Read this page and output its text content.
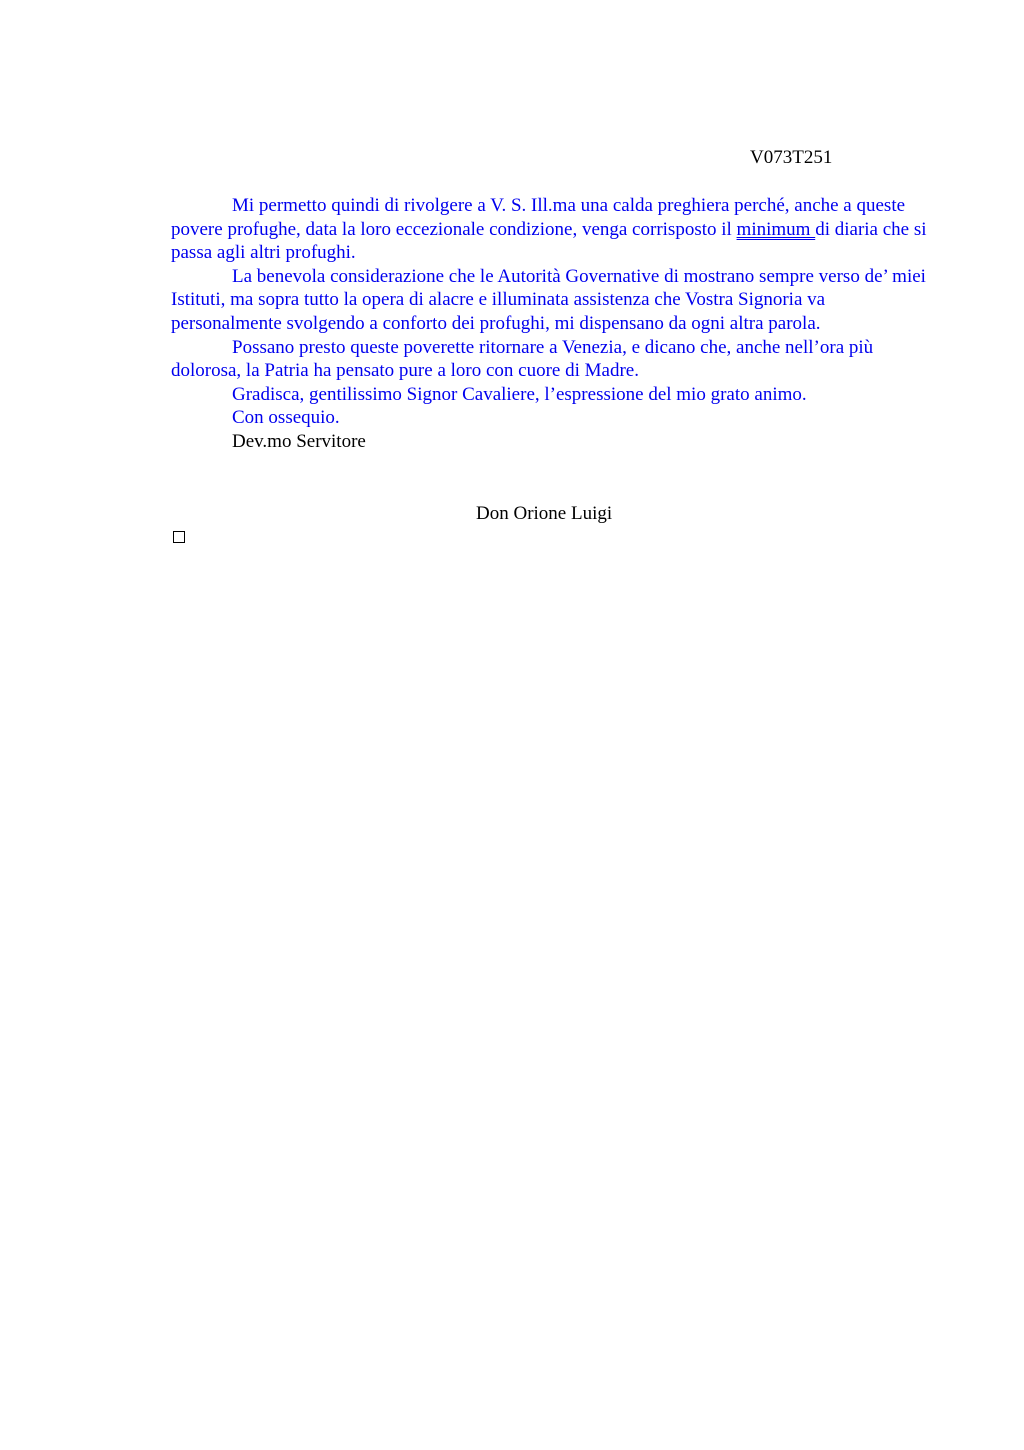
V073T251

Mi permetto quindi di rivolgere a V. S. Ill.ma una calda preghiera perché, anche a queste povere profughe, data la loro eccezionale condizione, venga corrisposto il minimum di diaria che si passa agli altri profughi.

La benevola considerazione che le Autorità Governative di mostrano sempre verso de’ miei Istituti, ma sopra tutto la opera di alacre e illuminata assistenza che Vostra Signoria va personalmente svolgendo a conforto dei profughi, mi dispensano da ogni altra parola.

Possano presto queste poverette ritornare a Venezia, e dicano che, anche nell’ora più dolorosa, la Patria ha pensato pure a loro con cuore di Madre.

Gradisca, gentilissimo Signor Cavaliere, l’espressione del mio grato animo.

Con ossequio.

Dev.mo Servitore

Don Orione Luigi
